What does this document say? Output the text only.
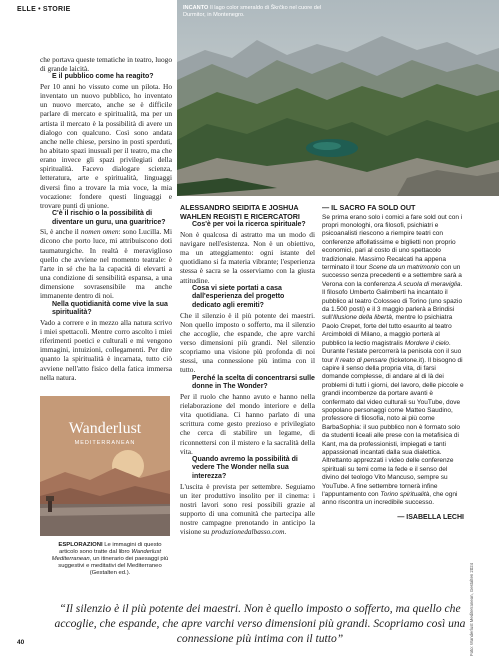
ELLE • STORIE	INCANTO Il lago color smeraldo di Škrčko nel cuore del Durmitor, in Montenegro.

che portava queste tematiche in teatro, luogo di grande laicità.

E il pubblico come ha reagito?

Per 10 anni ho vissuto come un pilota. Ho inventato un nuovo pubblico, ho inventato un nuovo mercato, anche se è difficile parlare di mercato e spiritualità, ma per un artista il mercato è la possibilità di avere un dialogo con qualcuno. Così sono andata anche nelle chiese, persino in posti sperduti, ho abitato spazi inusuali per il teatro, ma che erano invece gli spazi privilegiati della spiritualità. Facevo dialogare scienza, letteratura, arte e spiritualità, linguaggi diversi fino a trovare la mia voce, la mia vocazione: fondere questi linguaggi e trovare punti di unione.

C'è il rischio o la possibilità di diventare un guru, una guaritrice?

Sì, è anche il nomen omen: sono Lucilla. Mi dicono che porto luce, mi attribuiscono doti taumaturgiche. In realtà è meraviglioso quello che avviene nel momento teatrale: è l'arte in sé che ha la capacità di elevarti a una condizione di sensibilità espansa, a una dimensione sovrasensibile ma anche immanente dentro di noi.

Nella quotidianità come vive la sua spiritualità?

Vado a correre e in mezzo alla natura scrivo i miei spettacoli. Mentre corro ascolto i miei riferimenti poetici e culturali e mi vengono immagini, intuizioni, collegamenti. Per dire quanto la spiritualità è incarnata, tutto ciò avviene nell'atto fisico della fatica immersa nella natura.

Wanderlust
MEDITERRANEAN
ESPLORAZIONI Le immagini di questo articolo sono tratte dal libro Wanderlust Mediterranean, un itinerario dei paesaggi più suggestivi e meditativi del Mediterraneo (Gestalten ed.).

ALESSANDRO SEIDITA E JOSHUA WAHLEN REGISTI E RICERCATORI

Cos'è per voi la ricerca spirituale?

Non è qualcosa di astratto ma un modo di navigare nell'esistenza. Non è un obiettivo, ma un atteggiamento: ogni istante del quotidiano si fa materia vibrante; l'esperienza stessa è sacra se la osserviamo con la giusta attitudine.

Cosa vi siete portati a casa dall'esperienza del progetto dedicato agli eremiti?

Che il silenzio è il più potente dei maestri. Non quello imposto o sofferto, ma il silenzio che accoglie, che espande, che apre varchi verso dimensioni più grandi. Nel silenzio scopriamo una visione più profonda di noi stessi, una connessione più intima con il tutto.

Perché la scelta di concentrarsi sulle donne in The Wonder?

Per il ruolo che hanno avuto e hanno nella rielaborazione del mondo interiore e della vita quotidiana. Ci hanno parlato di una scrittura come gesto prezioso e privilegiato che cerca di stabilire un legame, di riconnettersi con il mistero e la sacralità della vita.

Quando avremo la possibilità di vedere The Wonder nella sua interezza?

L'uscita è prevista per settembre. Seguiamo un iter produttivo insolito per il cinema: i nostri lavori sono resi possibili grazie al supporto di una comunità che partecipa alle nostre campagne prenotando in anticipo la visione su produzionedalbasso.com.

— IL SACRO FA SOLD OUT

Se prima erano solo i comici a fare sold out con i propri monologhi, ora filosofi, psichiatri e psicoanalisti riescono a riempire teatri con conferenze affollatissime e biglietti non proprio economici, pari al costo di uno spettacolo tradizionale. Massimo Recalcati ha appena terminato il tour Scene da un matrimonio con un successo senza precedenti e a settembre sarà a Verona con la conferenza A scuola di meraviglia. Il filosofo Umberto Galimberti ha incantato il pubblico al teatro Colosseo di Torino (uno spazio da 1.500 posti) e il 3 maggio parlerà a Brindisi sull'Illusione della libertà, mentre lo psichiatra Paolo Crepet, forte del tutto esaurito al teatro Arcimboldi di Milano, a maggio porterà al pubblico la lectio magistralis Mordere il cielo. Durante l'estate percorrerà la penisola con il suo tour Il reato di pensare (ticketone.it). Il bisogno di capire il senso della propria vita, di farsi domande complesse, di andare al di là dei problemi di tutti i giorni, del lavoro, delle piccole e grandi incombenze da portare avanti è confermato dal video culturali su YouTube, dove spopolano personaggi come Matteo Saudino, professore di filosofia, noto ai più come BarbaSophia: il suo pubblico non è formato solo da studenti liceali alle prese con la metafisica di Kant, ma da professionisti, impiegati e tanti appassionati incantati dalla sua dialettica. Altrettanto apprezzati i video delle conferenze spirituali su temi come la fede e il senso del divino del teologo Vito Mancuso, sempre su YouTube. A fine settembre tornerà infine l'appuntamento con Torino spiritualità, che ogni anno riscontra un incredibile successo.

— ISABELLA LECHI

Foto: Wanderlust Mediterranean, Gestalten 2024
“Il silenzio è il più potente dei maestri. Non è quello imposto o sofferto, ma quello che accoglie, che espande, che apre varchi verso dimensioni più grandi. Scopriamo così una connessione più intima con il tutto”
40
